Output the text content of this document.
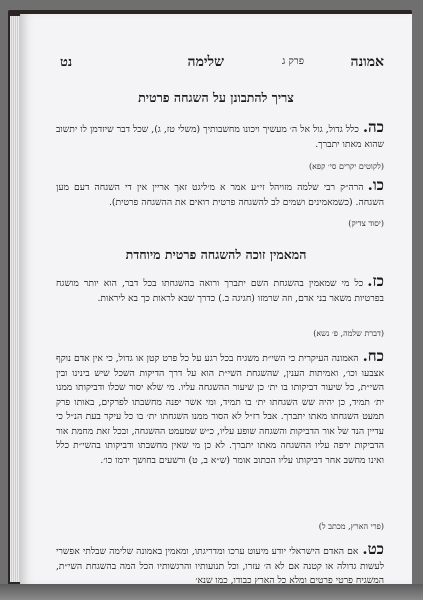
אמונה
פרק ג
שלימה
נט
צריך להתבונן על השגחה פרטית
כה.כלל גדול, גול אל ה׳ מעשיך ויכונו מחשבותיך (משלי טז, ג), שכל דבר שיזדמן לו יתשוב שהוא מאתו יתברך.
(לקוטים יקרים סי׳ קפא)
כו.הרה״ק רבי שלמה מזויהל זי״ע אמר א מ׳ליגט זאך אריין אין די השגחה דעם מען השגחה. (כשמאמינים ושמים לב להשגחה פרטית רואים את ההשגחה פרטית).
(יסוד צדיק)
המאמין זוכה להשגחה פרטית מיוחדת
כז.כל מי שמאמין בהשגחת השם יתברך ורואה בהשגחתו בכל דבר, הוא יותר מושגח בפרטיות משאר בני אדם, וזה שרמזו (חגיגה ב.) כדרך שבא לראות כך בא ליראות.
(דברת שלמה, פ׳ נשא)
כח.האמונה העיקרית כי השי״ת משגיח בכל רגע על כל פרט קטן או גדול, כי אין אדם נוקף אצבעו וכו׳, ואמיתות הענין, שהשגחת השי״ת הוא על דרך הדיקות השכל שיש בינינו ובין השי״ת, כל שיעור דביקותו בו ית׳ כן שיעור ההשגחה עליו. מי שלא יסור שכלו ודביקותו ממנו ית׳ תמיד, כן יהיה שש השגחתו ית׳ בו תמיד, ומי אשר יפנה מחשבתו לפרקים, באותו פרק תמעט השגחתו מאתו יתברך. אבל רז״ל לא הסור ממנו השגחתו ית׳ בו כל עיקר בעת הנ״ל כי עדיין הנד של אור הדביקות והשגחה שופע עליו, כ״ש שמעמט ההשגחה, ובכל זאת מחמת אור הדביקות ירפה עליו ההשגחה מאתו יתברך. לא כן מי שאין מחשבתו ודביקותו בהשי״ת כלל ואינו מחשב אחר דביקותו עליו הכתוב אומר (ש״א ב, ט) ורשעים בחושך ידמו כו׳.
(פרי הארץ, מכתב ל)
כט.אם האדם הישראלי יודע מיעוט ערכו ומדריגתו, ומאמין באמונה שלימה שבלתי אפשרי לעשות גדולה או קטנה אם לא ה׳ עזרו, וכל תנועותיו והרגשותיו הכל המה בהשגחת השי״ת, המשגיח פרטי פרטים ומלא כל הארץ כבודו, כמו שנא׳
